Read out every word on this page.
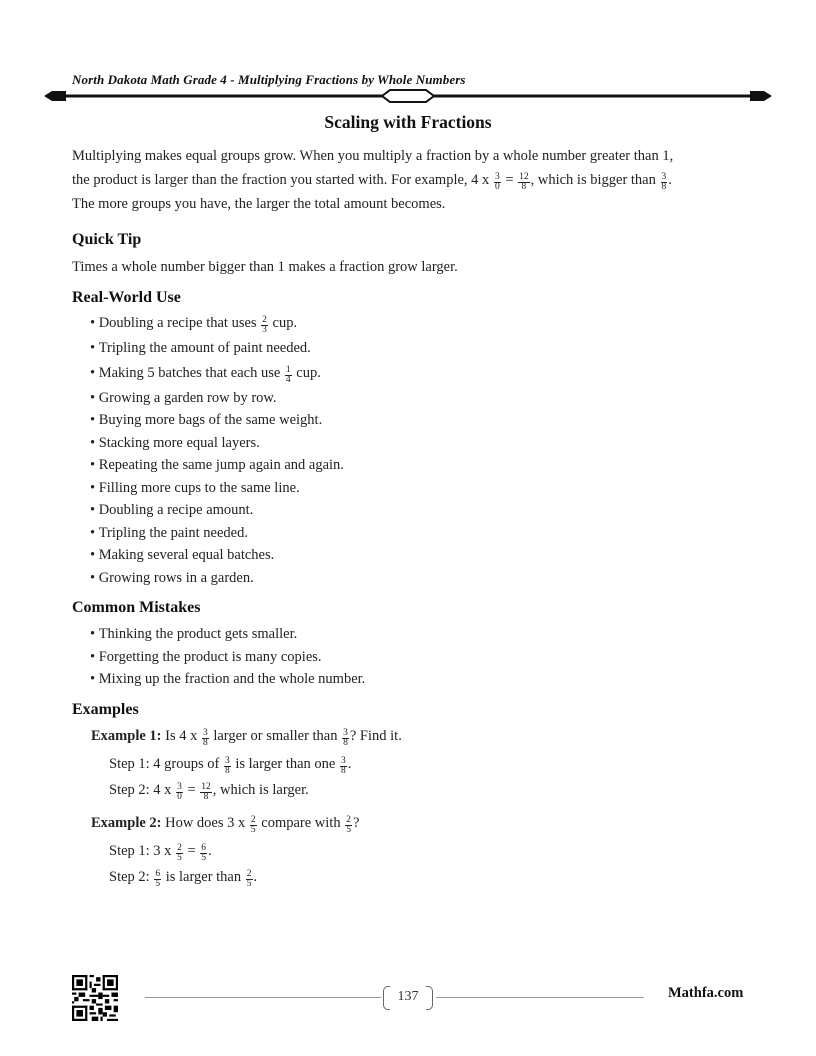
North Dakota Math Grade 4 - Multiplying Fractions by Whole Numbers
Scaling with Fractions

Multiplying makes equal groups grow. When you multiply a fraction by a whole number greater than 1,
the product is larger than the fraction you started with. For example, 4 x $\frac{3}{0} = \frac{12}{8}$ , which is bigger than $\frac{3}{8}$ .
The more groups you have, the larger the total amount becomes.

Quick Tip

Times a whole number bigger than 1 makes a fraction grow larger.

Real-World Use

• Doubling a recipe that uses $\frac{2}{3}$ cup.
• Tripling the amount of paint needed.
• Making 5 batches that each use $\frac{1}{4}$ cup.
• Growing a garden row by row.
• Buying more bags of the same weight.
• Stacking more equal layers.
• Repeating the same jump again and again.
• Filling more cups to the same line.
• Doubling a recipe amount.
• Tripling the paint needed.
• Making several equal batches.
• Growing rows in a garden.

Common Mistakes

• Thinking the product gets smaller.
• Forgetting the product is many copies.
• Mixing up the fraction and the whole number.

Examples

Example 1: Is 4 x $\frac{3}{8}$ larger or smaller than $\frac{3}{8}$ ? Find it.
Step 1: 4 groups of $\frac{3}{8}$ is larger than one $\frac{3}{8}$ .
Step 2: 4 x $\frac{3}{0} = \frac{12}{8}$ , which is larger.
Example 2: How does 3 x $\frac{2}{5}$ compare with $\frac{2}{5}$ ?
Step 1: 3 x $\frac{2}{5} = \frac{6}{5}$ .
Step 2: $\frac{6}{5}$ is larger than $\frac{2}{5}$ .
137	Mathfa.com
